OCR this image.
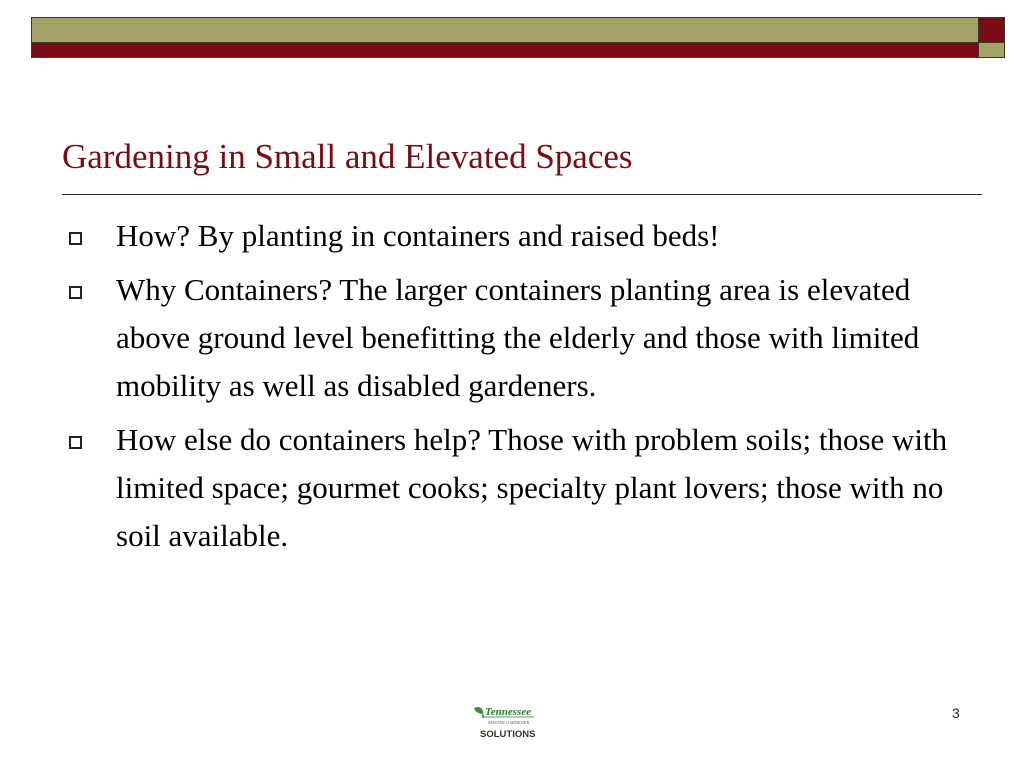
Gardening in Small and Elevated Spaces
How? By planting in containers and raised beds!
Why Containers? The larger containers planting area is elevated above ground level benefitting the elderly and those with limited mobility as well as disabled gardeners.
How else do containers help? Those with problem soils; those with limited space; gourmet cooks; specialty plant lovers; those with no soil available.
Tennessee
MASTER GARDENER
SOLUTIONS
3
